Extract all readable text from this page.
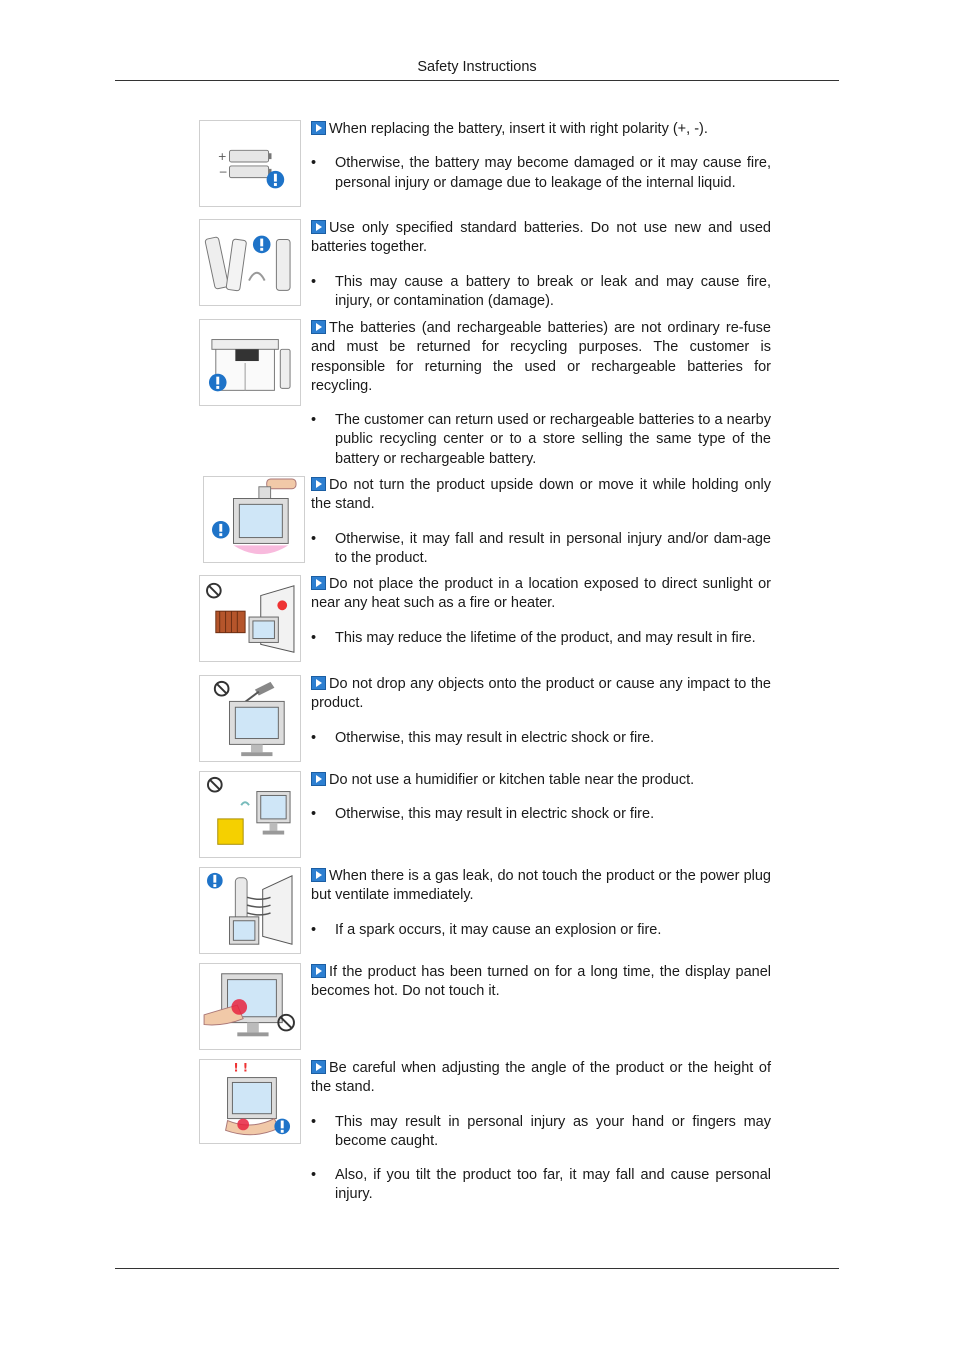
Safety Instructions
+
−

When replacing the battery, insert it with right polarity (+, -).

• Otherwise, the battery may become damaged or it may cause fire, personal injury or damage due to leakage of the internal liquid.

Use only specified standard batteries. Do not use new and used batteries together.

• This may cause a battery to break or leak and may cause fire, injury, or contamination (damage).

The batteries (and rechargeable batteries) are not ordinary re-fuse and must be returned for recycling purposes. The customer is responsible for returning the used or rechargeable batteries for recycling.

• The customer can return used or rechargeable batteries to a nearby public recycling center or to a store selling the same type of the battery or rechargeable battery.

Do not turn the product upside down or move it while holding only the stand.

• Otherwise, it may fall and result in personal injury and/or dam-age to the product.

Do not place the product in a location exposed to direct sunlight or near any heat such as a fire or heater.

• This may reduce the lifetime of the product, and may result in fire.

Do not drop any objects onto the product or cause any impact to the product.

• Otherwise, this may result in electric shock or fire.

Do not use a humidifier or kitchen table near the product.

• Otherwise, this may result in electric shock or fire.

When there is a gas leak, do not touch the product or the power plug but ventilate immediately.

• If a spark occurs, it may cause an explosion or fire.

If the product has been turned on for a long time, the display panel becomes hot. Do not touch it.

! !	Be careful when adjusting the angle of the product or the height of the stand.

• This may result in personal injury as your hand or fingers may become caught.
• Also, if you tilt the product too far, it may fall and cause personal injury.
